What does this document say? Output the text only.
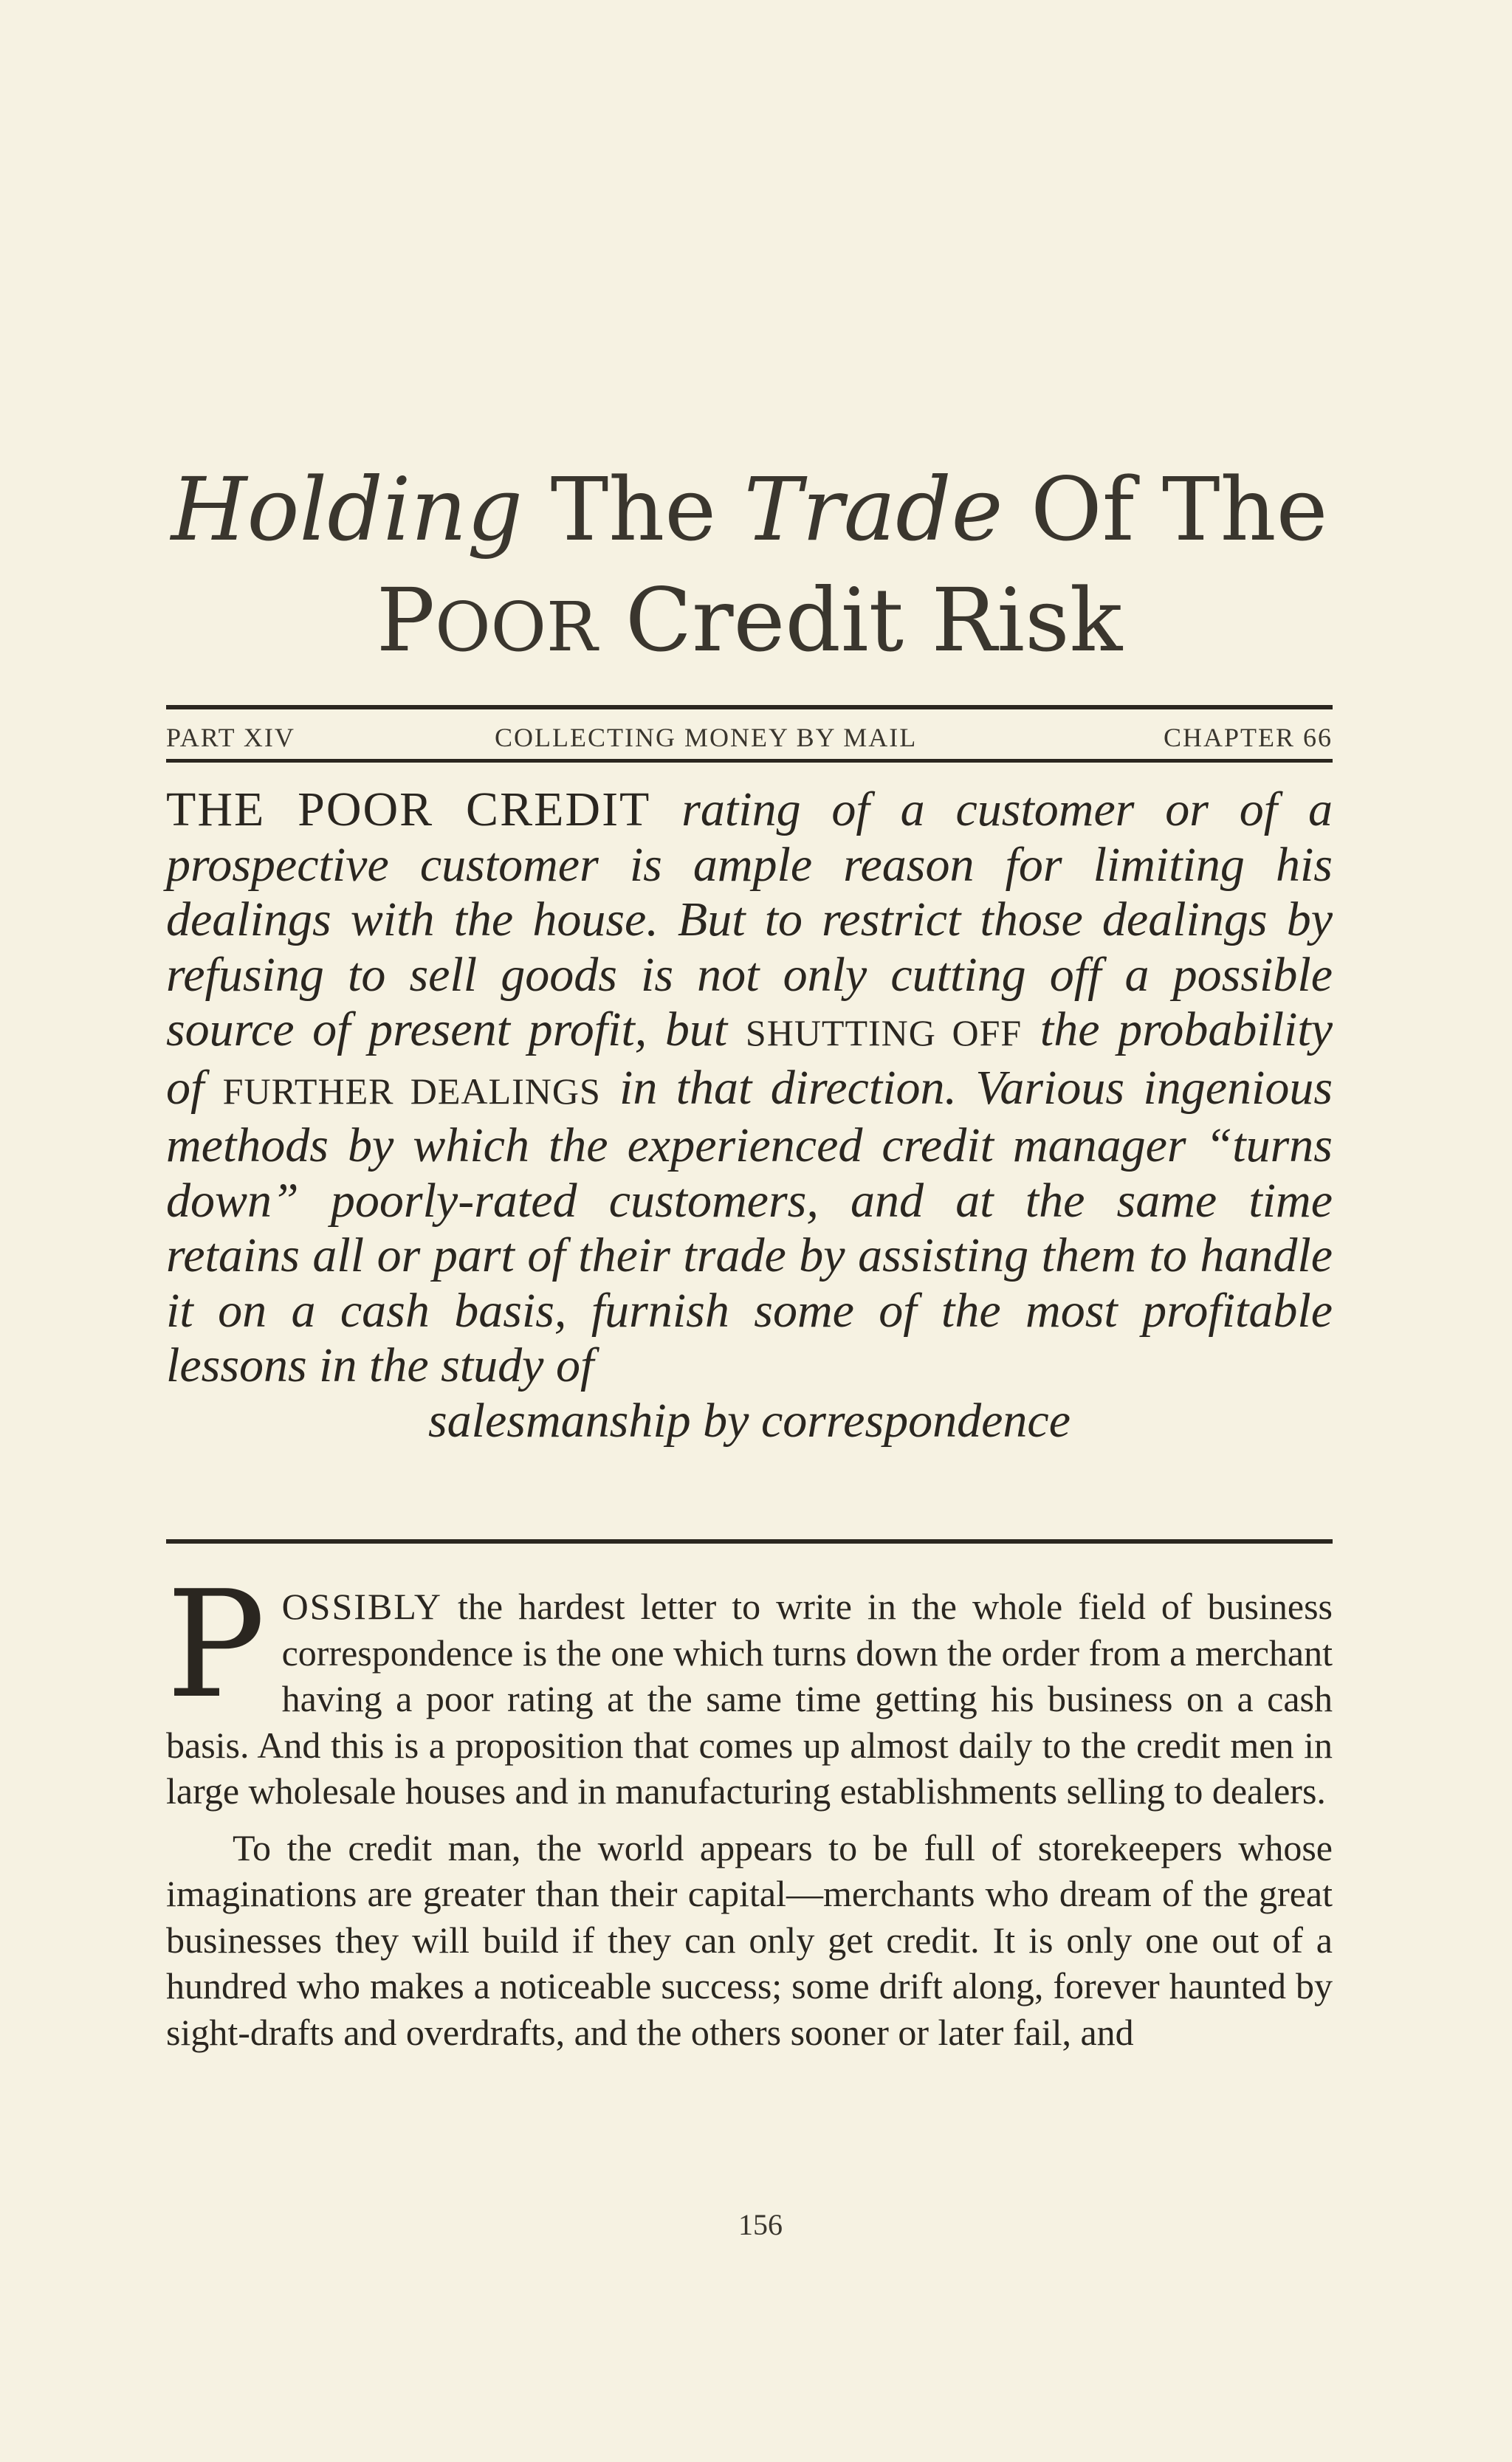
Holding The Trade Of The
POOR Credit Risk
PART XIV	COLLECTING MONEY BY MAIL	CHAPTER 66
THE POOR CREDIT rating of a customer or of a prospective customer is ample reason for limiting his dealings with the house. But to restrict those dealings by refusing to sell goods is not only cutting off a possible source of present profit, but SHUTTING OFF the probability of FURTHER DEALINGS in that direction. Various ingenious methods by which the experienced credit manager “turns down” poorly-rated customers, and at the same time retains all or part of their trade by assisting them to handle it on a cash basis, furnish some of the most profitable lessons in the study of
salesmanship by correspondence

POSSIBLY the hardest letter to write in the whole field of business correspondence is the one which turns down the order from a merchant having a poor rating at the same time getting his business on a cash basis. And this is a proposition that comes up almost daily to the credit men in large wholesale houses and in manufacturing establishments selling to dealers.

To the credit man, the world appears to be full of storekeepers whose imaginations are greater than their capital—merchants who dream of the great businesses they will build if they can only get credit. It is only one out of a hundred who makes a noticeable success; some drift along, forever haunted by sight-drafts and overdrafts, and the others sooner or later fail, and

156
